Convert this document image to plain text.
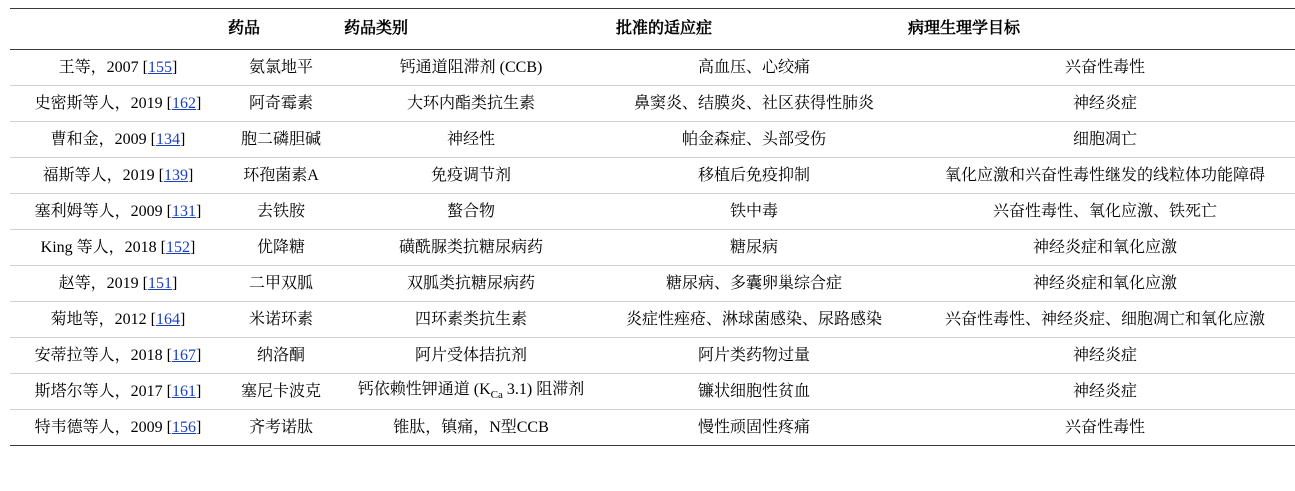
	药品	药品类别	批准的适应症	病理生理学目标
王等，2007 [155]	氨氯地平	钙通道阻滞剂 (CCB)	高血压、心绞痛	兴奋性毒性
史密斯等人，2019 [162]	阿奇霉素	大环内酯类抗生素	鼻窦炎、结膜炎、社区获得性肺炎	神经炎症
曹和金，2009 [134]	胞二磷胆碱	神经性	帕金森症、头部受伤	细胞凋亡
福斯等人，2019 [139]	环孢菌素A	免疫调节剂	移植后免疫抑制	氧化应激和兴奋性毒性继发的线粒体功能障碍
塞利姆等人，2009 [131]	去铁胺	螯合物	铁中毒	兴奋性毒性、氧化应激、铁死亡
King 等人，2018 [152]	优降糖	磺酰脲类抗糖尿病药	糖尿病	神经炎症和氧化应激
赵等，2019 [151]	二甲双胍	双胍类抗糖尿病药	糖尿病、多囊卵巢综合症	神经炎症和氧化应激
菊地等，2012 [164]	米诺环素	四环素类抗生素	炎症性痤疮、淋球菌感染、尿路感染	兴奋性毒性、神经炎症、细胞凋亡和氧化应激
安蒂拉等人，2018 [167]	纳洛酮	阿片受体拮抗剂	阿片类药物过量	神经炎症
斯塔尔等人，2017 [161]	塞尼卡波克	钙依赖性钾通道 ($K_{Ca}$ 3.1) 阻滞剂	镰状细胞性贫血	神经炎症
特韦德等人，2009 [156]	齐考诺肽	锥肽，镇痛，N型CCB	慢性顽固性疼痛	兴奋性毒性
